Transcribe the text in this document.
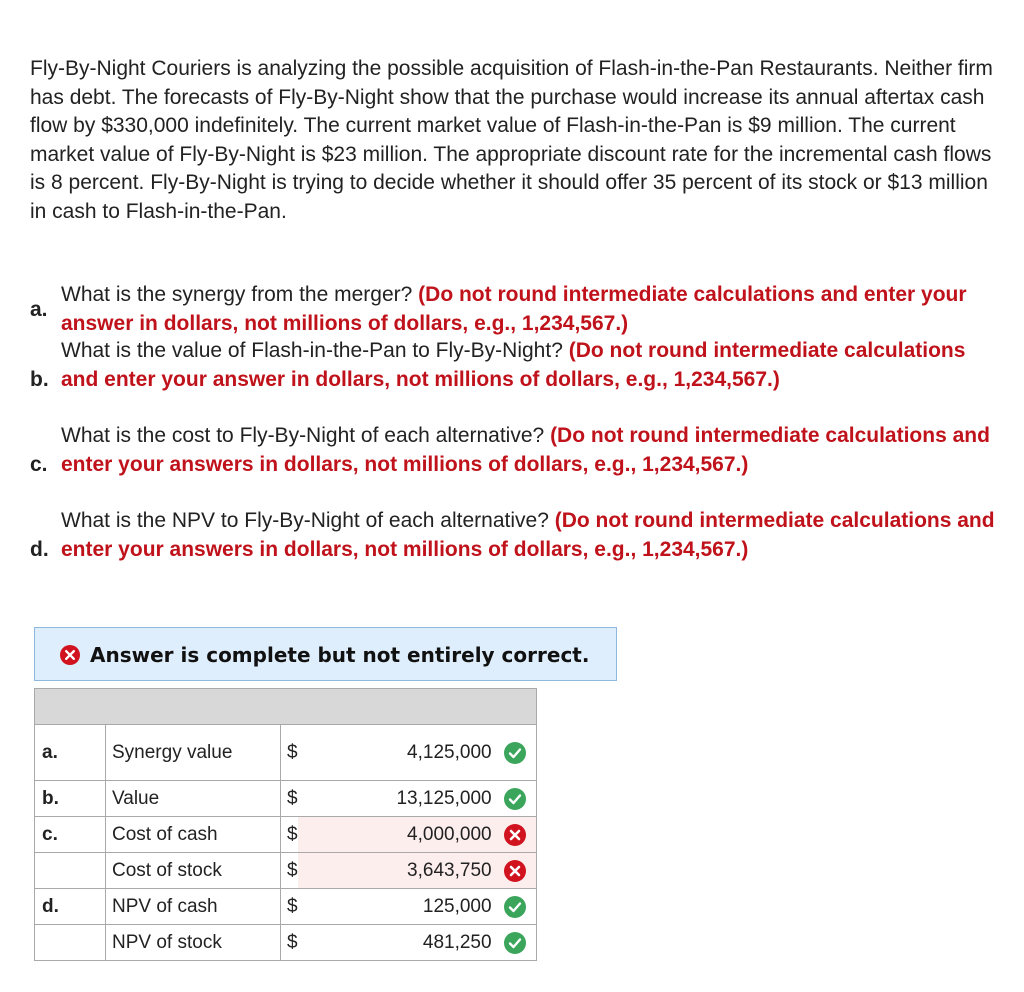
Fly-By-Night Couriers is analyzing the possible acquisition of Flash-in-the-Pan Restaurants. Neither firm has debt. The forecasts of Fly-By-Night show that the purchase would increase its annual aftertax cash flow by $330,000 indefinitely. The current market value of Flash-in-the-Pan is $9 million. The current market value of Fly-By-Night is $23 million. The appropriate discount rate for the incremental cash flows is 8 percent. Fly-By-Night is trying to decide whether it should offer 35 percent of its stock or $13 million in cash to Flash-in-the-Pan.

a.
What is the synergy from the merger? (Do not round intermediate calculations and enter your answer in dollars, not millions of dollars, e.g., 1,234,567.)
b.
What is the value of Flash-in-the-Pan to Fly-By-Night? (Do not round intermediate calculations and enter your answer in dollars, not millions of dollars, e.g., 1,234,567.)
c.
What is the cost to Fly-By-Night of each alternative? (Do not round intermediate calculations and enter your answers in dollars, not millions of dollars, e.g., 1,234,567.)
d.
What is the NPV to Fly-By-Night of each alternative? (Do not round intermediate calculations and enter your answers in dollars, not millions of dollars, e.g., 1,234,567.)
Answer is complete but not entirely correct.

a.	Synergy value	$	4,125,000

b.	Value	$	13,125,000

c.	Cost of cash	$	4,000,000

	Cost of stock	$	3,643,750

d.	NPV of cash	$	125,000

	NPV of stock	$	481,250
